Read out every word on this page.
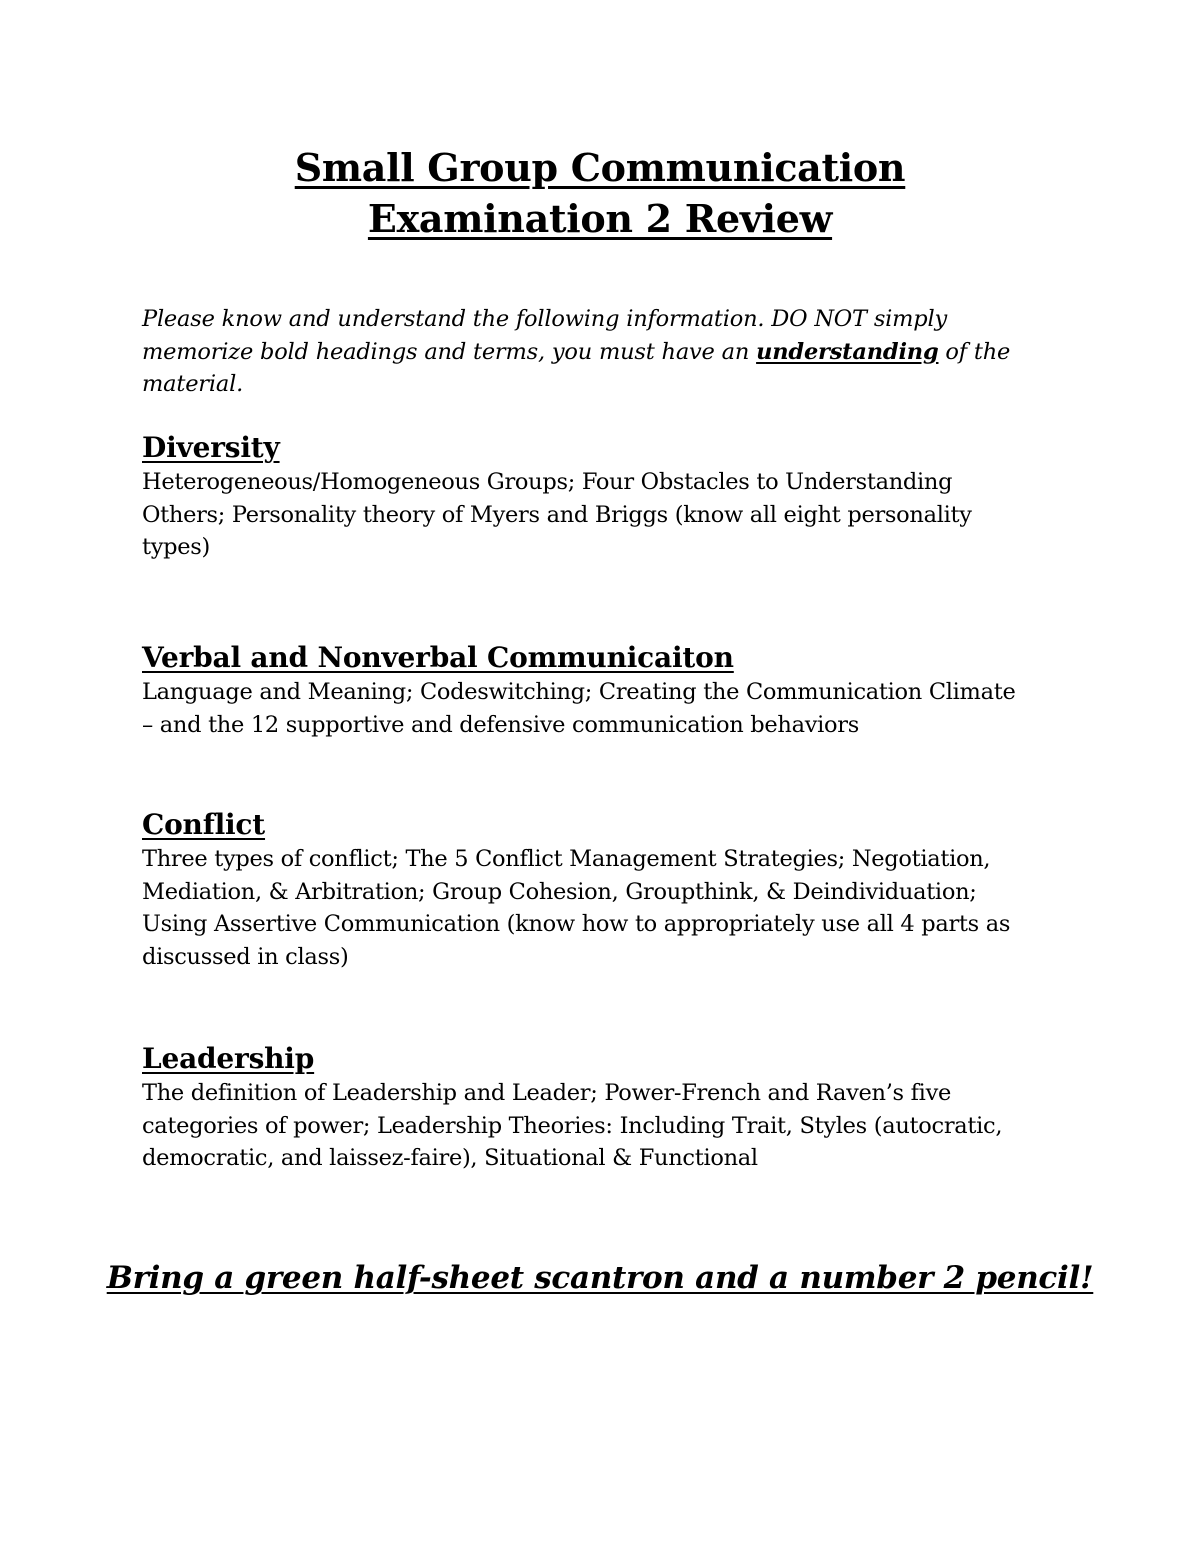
Small Group Communication
Examination 2 Review
Please know and understand the following information. DO NOT simply
memorize bold headings and terms, you must have an understanding of the
material.
Diversity
Heterogeneous/Homogeneous Groups; Four Obstacles to Understanding
Others; Personality theory of Myers and Briggs (know all eight personality
types)
Verbal and Nonverbal Communicaiton
Language and Meaning; Codeswitching; Creating the Communication Climate
– and the 12 supportive and defensive communication behaviors
Conflict
Three types of conflict; The 5 Conflict Management Strategies; Negotiation,
Mediation, & Arbitration; Group Cohesion, Groupthink, & Deindividuation;
Using Assertive Communication (know how to appropriately use all 4 parts as
discussed in class)
Leadership
The definition of Leadership and Leader; Power-French and Raven’s five
categories of power; Leadership Theories: Including Trait, Styles (autocratic,
democratic, and laissez-faire), Situational & Functional
Bring a green half-sheet scantron and a number 2 pencil!
